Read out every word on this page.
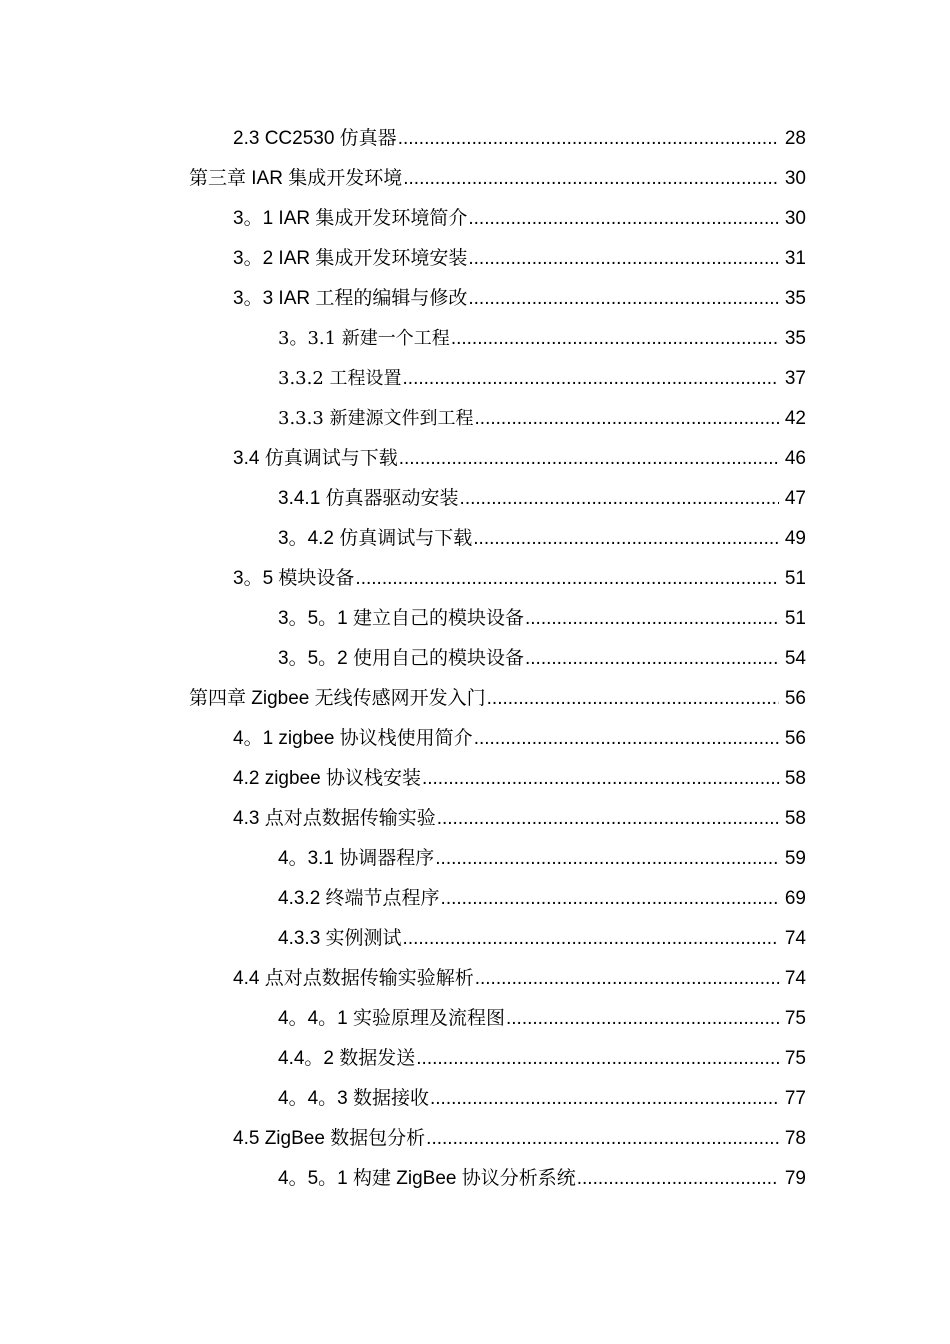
2.3 CC2530 仿真器 .....	28
第三章 IAR 集成开发环境 .....	30
3。1 IAR 集成开发环境简介 .....	30
3。2 IAR 集成开发环境安装 .....	31
3。3 IAR 工程的编辑与修改 .....	35
3。3.1 新建一个工程 .....	35
3.3.2 工程设置 .....	37
3.3.3 新建源文件到工程 .....	42
3.4 仿真调试与下载 .....	46
3.4.1 仿真器驱动安装 .....	47
3。4.2 仿真调试与下载 .....	49
3。5 模块设备 .....	51
3。5。1 建立自己的模块设备 .....	51
3。5。2 使用自己的模块设备 .....	54
第四章 Zigbee 无线传感网开发入门 .....	56
4。1 zigbee 协议栈使用简介 .....	56
4.2 zigbee 协议栈安装 .....	58
4.3 点对点数据传输实验 .....	58
4。3.1 协调器程序 .....	59
4.3.2 终端节点程序 .....	69
4.3.3 实例测试 .....	74
4.4 点对点数据传输实验解析 .....	74
4。4。1 实验原理及流程图 .....	75
4.4。2 数据发送 .....	75
4。4。3 数据接收 .....	77
4.5 ZigBee 数据包分析 .....	78
4。5。1 构建 ZigBee 协议分析系统 .....	79
